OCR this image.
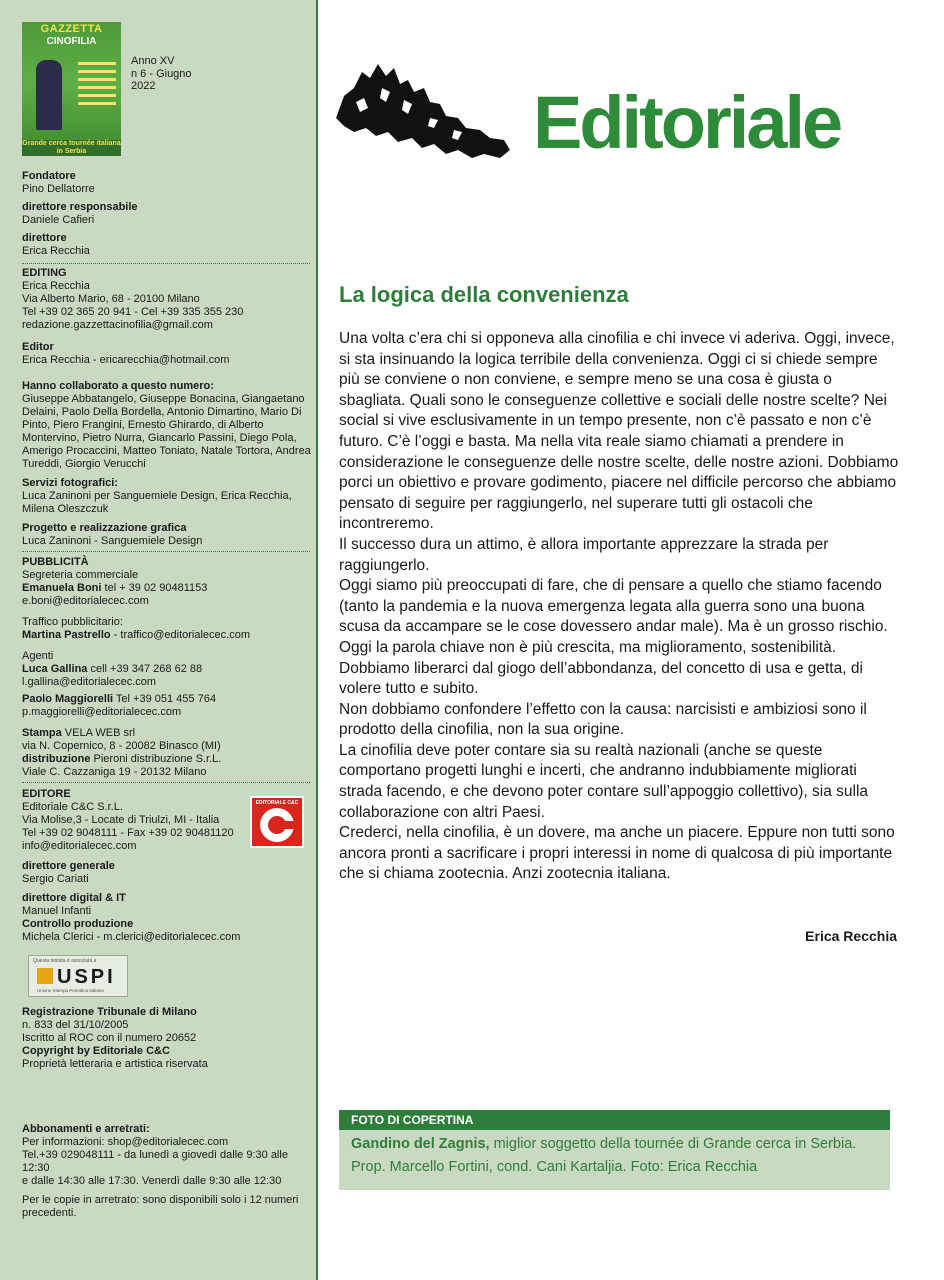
GAZZETTA
CINOFILIA
Grande cerca tournée italiana in Serbia
Anno XV
n 6 - Giugno
2022
Fondatore
Pino Dellatorre
direttore responsabile
Daniele Cafieri
direttore
Erica Recchia
EDITING
Erica Recchia
Via Alberto Mario, 68 - 20100 Milano
Tel +39 02 365 20 941 - Cel +39 335 355 230
redazione.gazzettacinofilia@gmail.com
Editor
Erica Recchia - ericarecchia@hotmail.com
Hanno collaborato a questo numero:
Giuseppe Abbatangelo, Giuseppe Bonacina, Giangaetano Delaini, Paolo Della Bordella, Antonio Dimartino, Mario Di Pinto, Piero Frangini, Ernesto Ghirardo, di Alberto Montervino, Pietro Nurra, Giancarlo Passini, Diego Pola, Amerigo Procaccini, Matteo Toniato, Natale Tortora, Andrea Tureddi, Giorgio Verucchi
Servizi fotografici:
Luca Zaninoni per Sanguemiele Design, Erica Recchia, Milena Oleszczuk
Progetto e realizzazione grafica
Luca Zaninoni - Sanguemiele Design
PUBBLICITÀ
Segreteria commerciale
Emanuela Boni tel + 39 02 90481153
e.boni@editorialecec.com
Traffico pubblicitario:
Martina Pastrello - traffico@editorialecec.com
Agenti
Luca Gallina cell +39 347 268 62 88
l.gallina@editorialecec.com
Paolo Maggiorelli Tel +39 051 455 764
p.maggiorelli@editorialecec.com
Stampa VELA WEB srl
via N. Copernico, 8 - 20082 Binasco (MI)
distribuzione Pieroni distribuzione S.r.L.
Viale C. Cazzaniga 19 - 20132 Milano
EDITORE
Editoriale C&C S.r.L.
Via Molise,3 - Locate di Triulzi, MI - Italia
Tel +39 02 9048111 - Fax +39 02 90481120
info@editorialecec.com
direttore generale
Sergio Cariati
direttore digital & IT
Manuel Infanti
Controllo produzione
Michela Clerici - m.clerici@editorialecec.com
EDITORIALE C&C
Questa testata è associata a
USPI
Unione Stampa Periodica Italiana
Registrazione Tribunale di Milano
n. 833 del 31/10/2005
Iscritto al ROC con il numero 20652
Copyright by Editoriale C&C
Proprietà letteraria e artistica riservata
Abbonamenti e arretrati:
Per informazioni: shop@editorialecec.com
Tel.+39 029048111 - da lunedì a giovedì dalle 9:30 alle 12:30
e dalle 14:30 alle 17:30. Venerdì dalle 9:30 alle 12:30
Per le copie in arretrato: sono disponibili solo i 12 numeri precedenti.
Editoriale
La logica della convenienza

Una volta c’era chi si opponeva alla cinofilia e chi invece vi aderiva. Oggi, invece, si sta insinuando la logica terribile della convenienza. Oggi ci si chiede sempre più se conviene o non conviene, e sempre meno se una cosa è giusta o sbagliata. Quali sono le conseguenze collettive e sociali delle nostre scelte? Nei social si vive esclusivamente in un tempo presente, non c’è passato e non c’è futuro. C’è l’oggi e basta. Ma nella vita reale siamo chiamati a prendere in considerazione le conseguenze delle nostre scelte, delle nostre azioni. Dobbiamo porci un obiettivo e provare godimento, piacere nel difficile percorso che abbiamo pensato di seguire per raggiungerlo, nel superare tutti gli ostacoli che incontreremo.

Il successo dura un attimo, è allora importante apprezzare la strada per raggiungerlo.

Oggi siamo più preoccupati di fare, che di pensare a quello che stiamo facendo (tanto la pandemia e la nuova emergenza legata alla guerra sono una buona scusa da accampare se le cose dovessero andar male). Ma è un grosso rischio.

Oggi la parola chiave non è più crescita, ma miglioramento, sostenibilità. Dobbiamo liberarci dal giogo dell’abbondanza, del concetto di usa e getta, di volere tutto e subito.

Non dobbiamo confondere l’effetto con la causa: narcisisti e ambiziosi sono il prodotto della cinofilia, non la sua origine.

La cinofilia deve poter contare sia su realtà nazionali (anche se queste comportano progetti lunghi e incerti, che andranno indubbiamente migliorati strada facendo, e che devono poter contare sull’appoggio collettivo), sia sulla collaborazione con altri Paesi.

Crederci, nella cinofilia, è un dovere, ma anche un piacere. Eppure non tutti sono ancora pronti a sacrificare i propri interessi in nome di qualcosa di più importante che si chiama zootecnia. Anzi zootecnia italiana.

Erica Recchia
FOTO DI COPERTINA
Gandino del Zagnis, miglior soggetto della tournée di Grande cerca in Serbia.
Prop. Marcello Fortini, cond. Cani Kartaljia. Foto: Erica Recchia
